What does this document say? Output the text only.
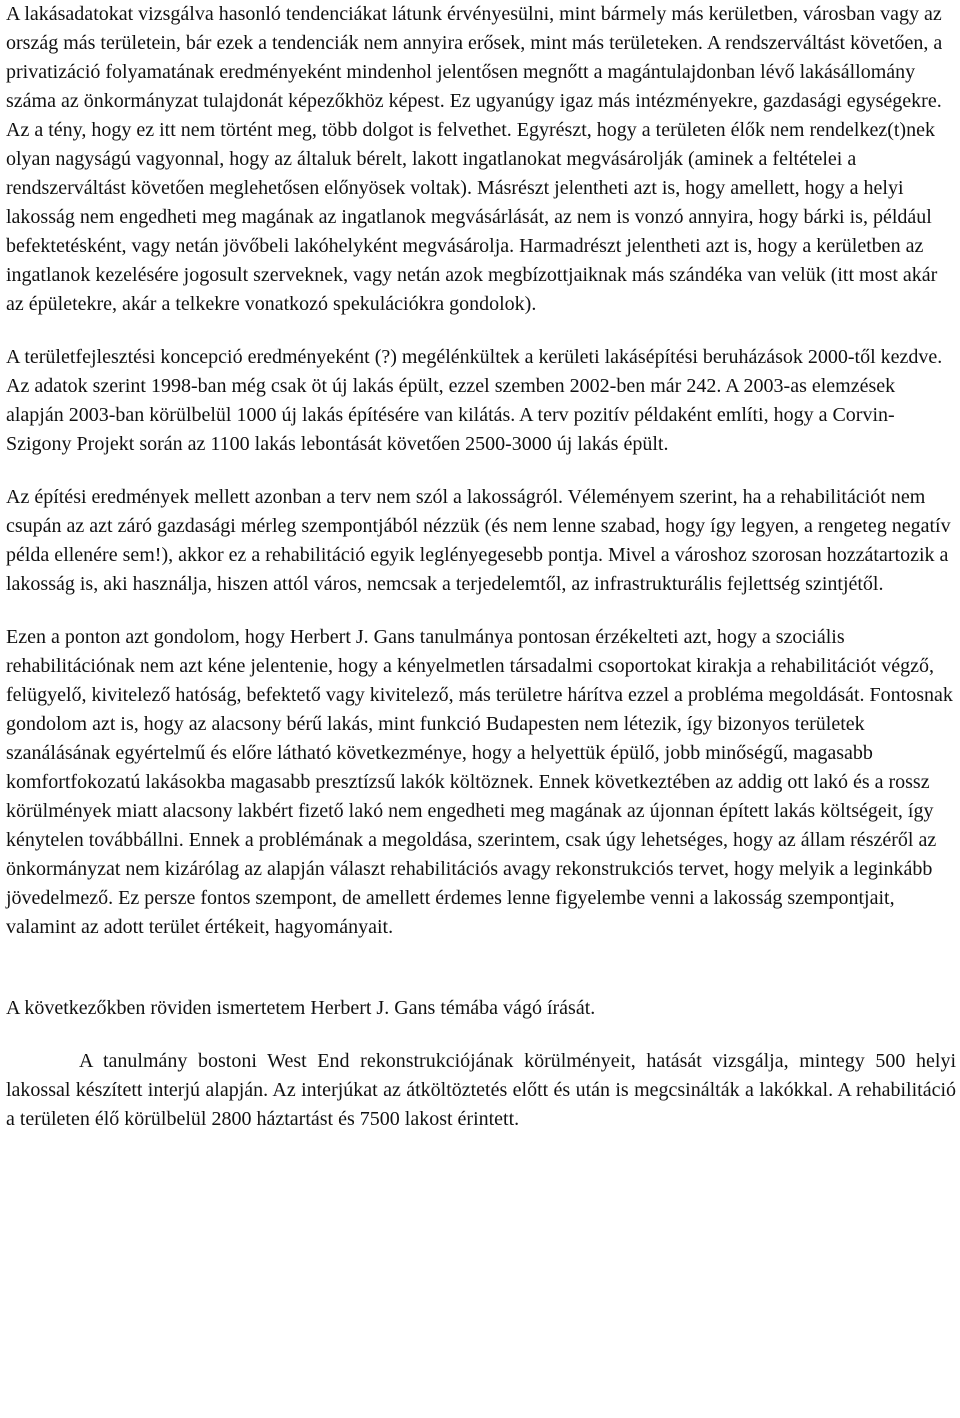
A lakásadatokat vizsgálva hasonló tendenciákat látunk érvényesülni, mint bármely más kerületben, városban vagy az ország más területein, bár ezek a tendenciák nem annyira erősek, mint más területeken. A rendszerváltást követően, a privatizáció folyamatának eredményeként mindenhol jelentősen megnőtt a magántulajdonban lévő lakásállomány száma az önkormányzat tulajdonát képezőkhöz képest. Ez ugyanúgy igaz más intézményekre, gazdasági egységekre. Az a tény, hogy ez itt nem történt meg, több dolgot is felvethet. Egyrészt, hogy a területen élők nem rendelkez(t)nek olyan nagyságú vagyonnal, hogy az általuk bérelt, lakott ingatlanokat megvásárolják (aminek a feltételei a rendszerváltást követően meglehetősen előnyösek voltak). Másrészt jelentheti azt is, hogy amellett, hogy a helyi lakosság nem engedheti meg magának az ingatlanok megvásárlását, az nem is vonzó annyira, hogy bárki is, például befektetésként, vagy netán jövőbeli lakóhelyként megvásárolja. Harmadrészt jelentheti azt is, hogy a kerületben az ingatlanok kezelésére jogosult szerveknek, vagy netán azok megbízottjaiknak más szándéka van velük (itt most akár az épületekre, akár a telkekre vonatkozó spekulációkra gondolok).

A területfejlesztési koncepció eredményeként (?) megélénkültek a kerületi lakásépítési beruházások 2000-től kezdve. Az adatok szerint 1998-ban még csak öt új lakás épült, ezzel szemben 2002-ben már 242. A 2003-as elemzések alapján 2003-ban körülbelül 1000 új lakás építésére van kilátás. A terv pozitív példaként említi, hogy a Corvin-Szigony Projekt során az 1100 lakás lebontását követően 2500-3000 új lakás épült.

Az építési eredmények mellett azonban a terv nem szól a lakosságról. Véleményem szerint, ha a rehabilitációt nem csupán az azt záró gazdasági mérleg szempontjából nézzük (és nem lenne szabad, hogy így legyen, a rengeteg negatív példa ellenére sem!), akkor ez a rehabilitáció egyik leglényegesebb pontja. Mivel a városhoz szorosan hozzátartozik a lakosság is, aki használja, hiszen attól város, nemcsak a terjedelemtől, az infrastrukturális fejlettség szintjétől.

Ezen a ponton azt gondolom, hogy Herbert J. Gans tanulmánya pontosan érzékelteti azt, hogy a szociális rehabilitációnak nem azt kéne jelentenie, hogy a kényelmetlen társadalmi csoportokat kirakja a rehabilitációt végző, felügyelő, kivitelező hatóság, befektető vagy kivitelező, más területre hárítva ezzel a probléma megoldását. Fontosnak gondolom azt is, hogy az alacsony bérű lakás, mint funkció Budapesten nem létezik, így bizonyos területek szanálásának egyértelmű és előre látható következménye, hogy a helyettük épülő, jobb minőségű, magasabb komfortfokozatú lakásokba magasabb presztízsű lakók költöznek. Ennek következtében az addig ott lakó és a rossz körülmények miatt alacsony lakbért fizető lakó nem engedheti meg magának az újonnan épített lakás költségeit, így kénytelen továbbállni. Ennek a problémának a megoldása, szerintem, csak úgy lehetséges, hogy az állam részéről az önkormányzat nem kizárólag az alapján választ rehabilitációs avagy rekonstrukciós tervet, hogy melyik a leginkább jövedelmező. Ez persze fontos szempont, de amellett érdemes lenne figyelembe venni a lakosság szempontjait, valamint az adott terület értékeit, hagyományait.

A következőkben röviden ismertetem Herbert J. Gans témába vágó írását.

A tanulmány bostoni West End rekonstrukciójának körülményeit, hatását vizsgálja, mintegy 500 helyi lakossal készített interjú alapján. Az interjúkat az átköltöztetés előtt és után is megcsinálták a lakókkal. A rehabilitáció a területen élő körülbelül 2800 háztartást és 7500 lakost érintett.
